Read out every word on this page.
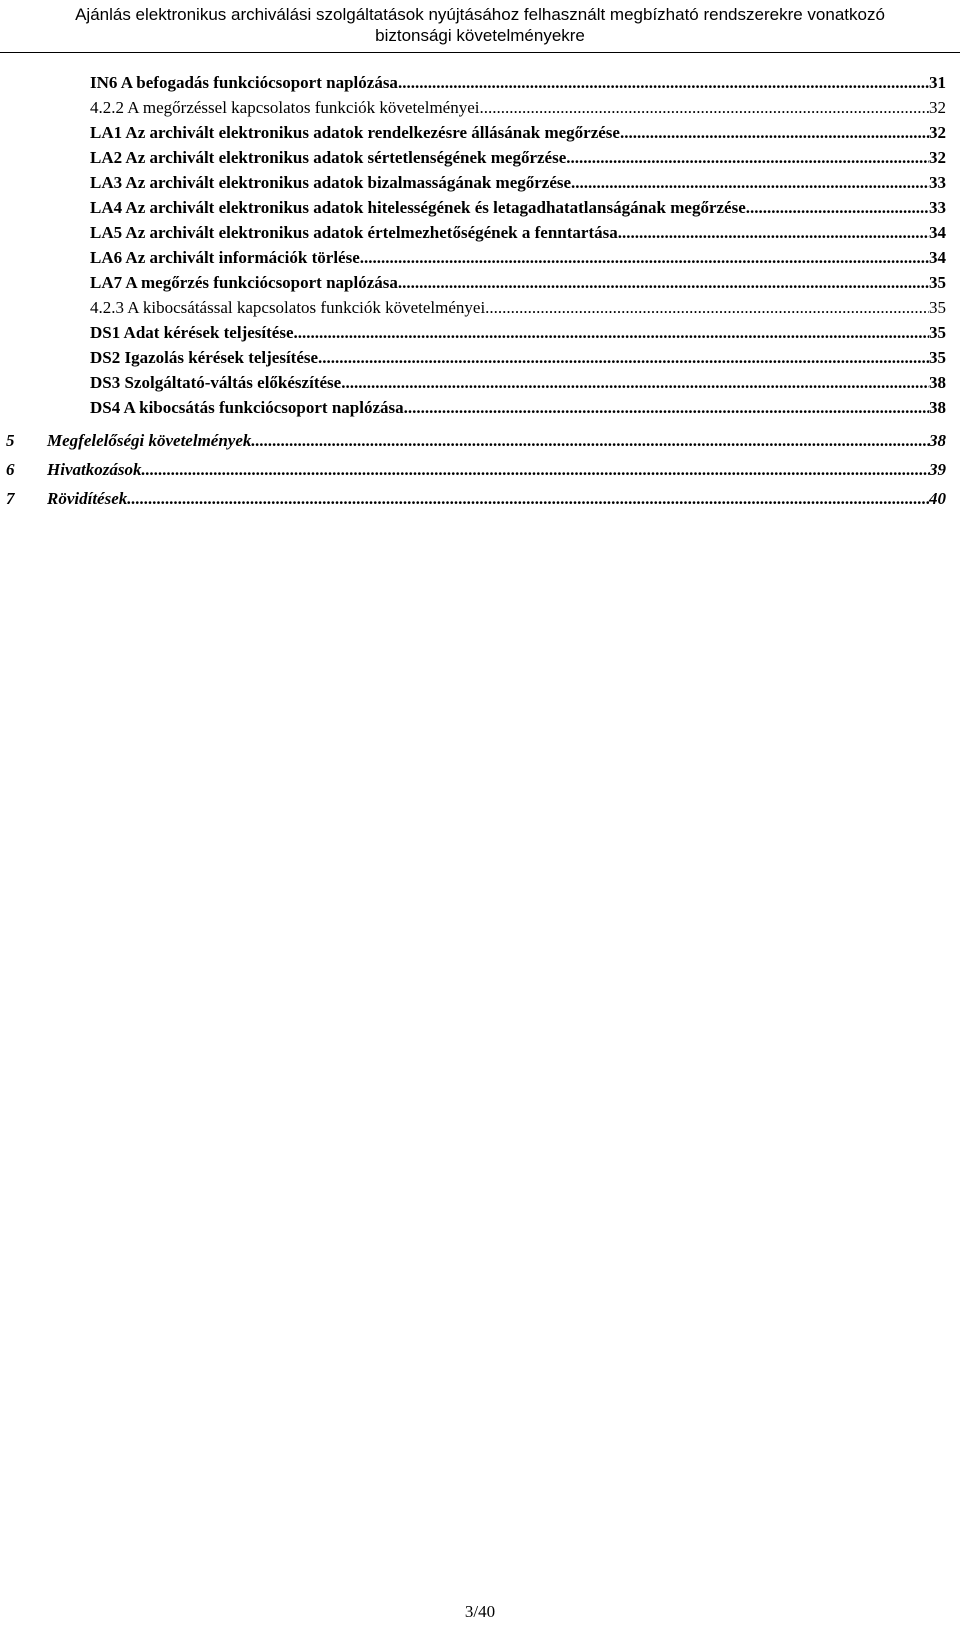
Ajánlás elektronikus archiválási szolgáltatások nyújtásához felhasznált megbízható rendszerekre vonatkozó
biztonsági követelményekre
IN6 A befogadás funkciócsoport naplózása .....	31
4.2.2 A megőrzéssel kapcsolatos funkciók követelményei .....	32
LA1 Az archivált elektronikus adatok rendelkezésre állásának megőrzése .....	32
LA2 Az archivált elektronikus adatok sértetlenségének megőrzése .....	32
LA3 Az archivált elektronikus adatok bizalmasságának megőrzése .....	33
LA4 Az archivált elektronikus adatok hitelességének és letagadhatatlanságának megőrzése .....	33
LA5 Az archivált elektronikus adatok értelmezhetőségének a fenntartása .....	34
LA6 Az archivált információk törlése .....	34
LA7 A megőrzés funkciócsoport naplózása .....	35
4.2.3 A kibocsátással kapcsolatos funkciók követelményei .....	35
DS1 Adat kérések teljesítése .....	35
DS2 Igazolás kérések teljesítése .....	35
DS3 Szolgáltató-váltás előkészítése .....	38
DS4 A kibocsátás funkciócsoport naplózása .....	38
5	Megfelelőségi követelmények .....	38
6	Hivatkozások .....	39
7	Rövidítések .....	40
3/40
